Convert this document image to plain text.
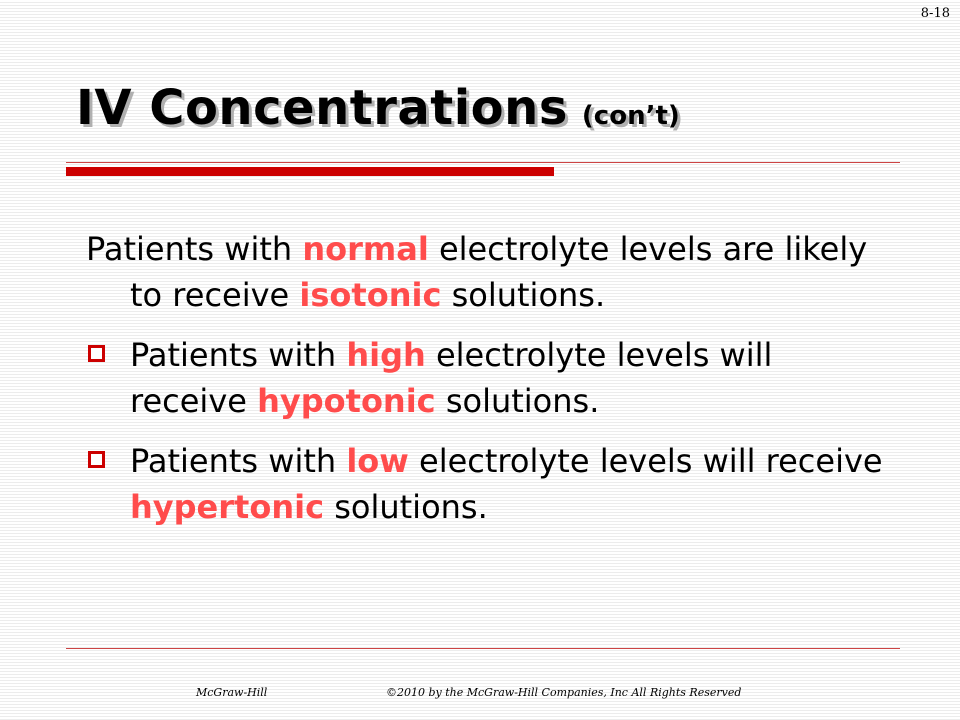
8-18
IV Concentrations (con’t)

Patients with normal electrolyte levels are likely to receive isotonic solutions.

Patients with high electrolyte levels will receive hypotonic solutions.
Patients with low electrolyte levels will receive hypertonic solutions.
McGraw-Hill	©2010 by the McGraw-Hill Companies, Inc All Rights Reserved
